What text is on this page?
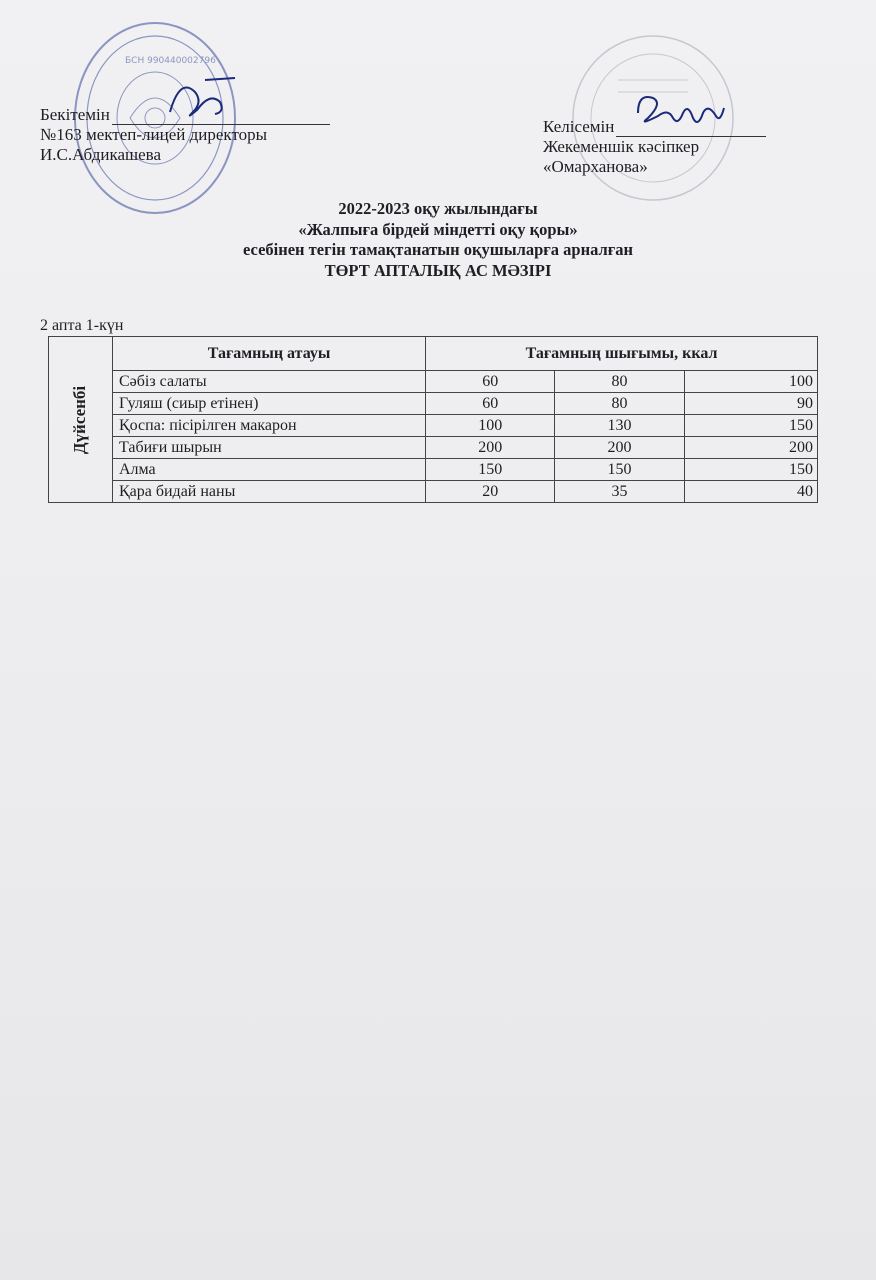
БСН 990440002796
Бекітемін
№163 мектеп-лицей директоры
И.С.Абдикашева
Келісемін
Жекеменшік кәсіпкер
«Омарханова»
2022-2023 оқу жылындағы
«Жалпыға бірдей міндетті оқу қоры»
есебінен тегін тамақтанатын оқушыларға арналған
ТӨРТ АПТАЛЫҚ АС МӘЗІРІ
2 апта 1-күн
Дүйсенбі	Тағамның атауы	Тағамның шығымы, ккал		
	Сәбіз салаты	60	80	100
	Гуляш (сиыр етінен)	60	80	90
	Қоспа: пісірілген макарон	100	130	150
	Табиғи шырын	200	200	200
	Алма	150	150	150
	Қара бидай наны	20	35	40
